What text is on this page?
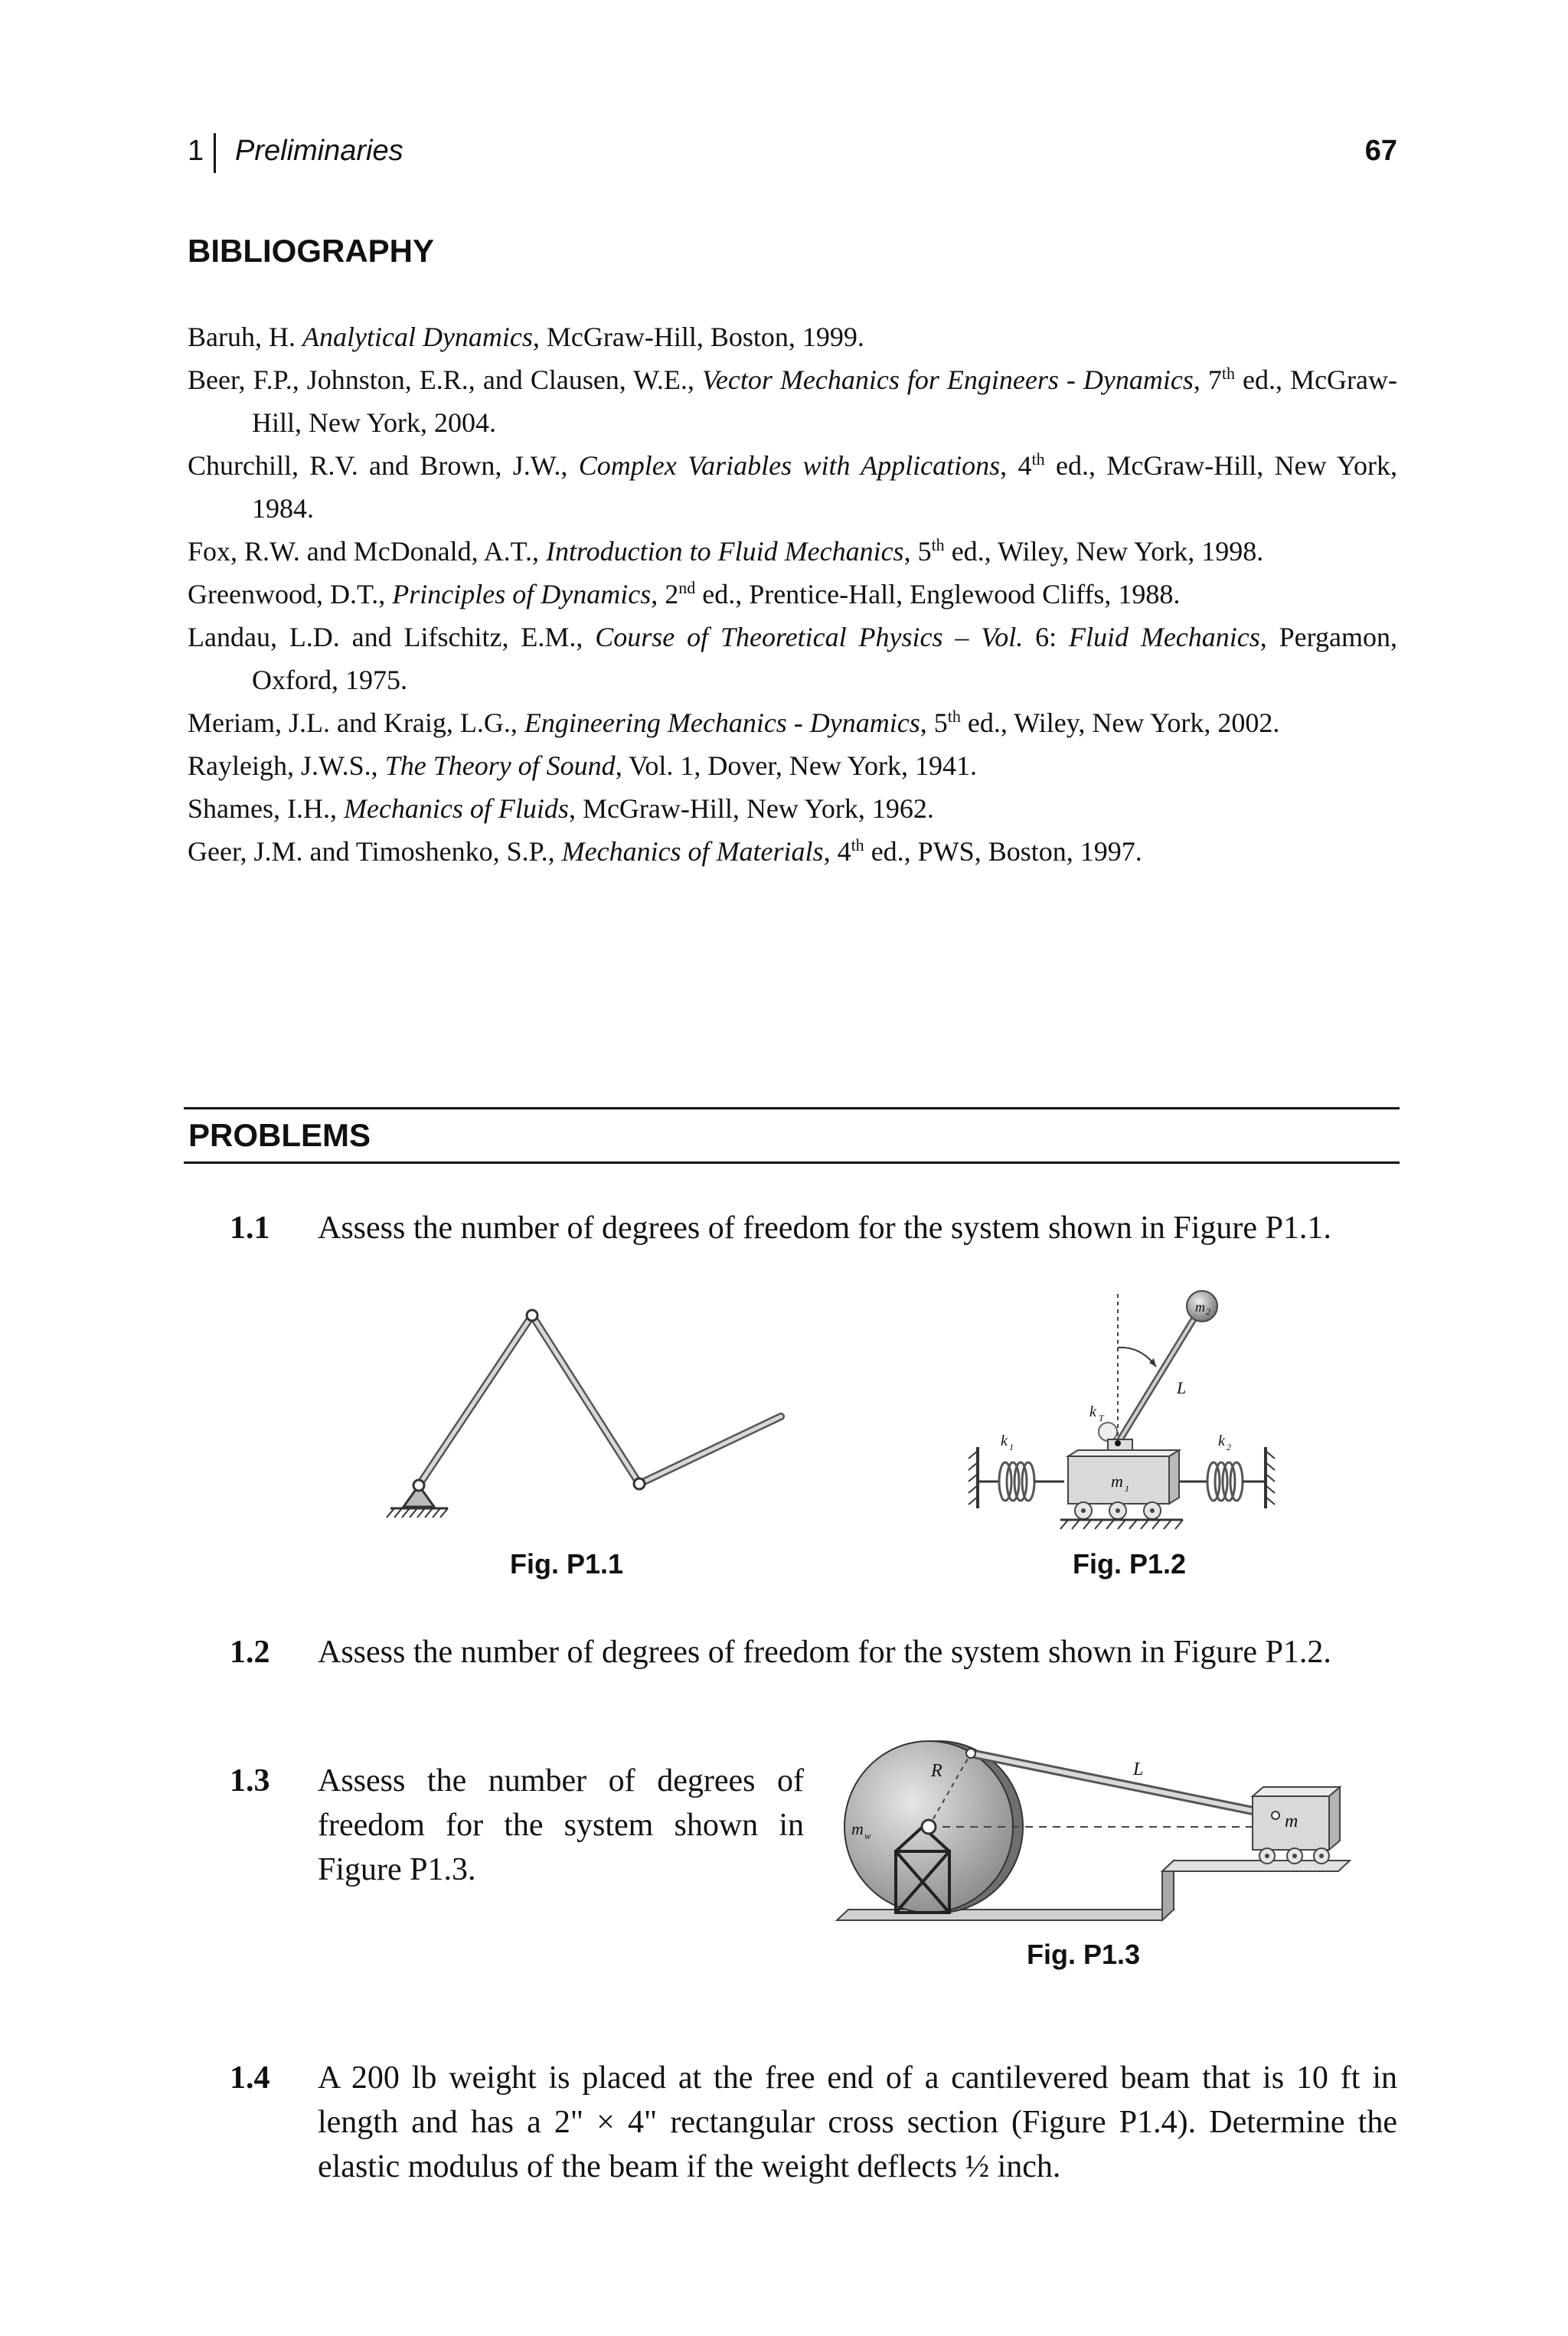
1 Preliminaries	67
BIBLIOGRAPHY

Baruh, H. Analytical Dynamics, McGraw-Hill, Boston, 1999.

Beer, F.P., Johnston, E.R., and Clausen, W.E., Vector Mechanics for Engineers - Dynamics, 7th ed., McGraw-Hill, New York, 2004.

Churchill, R.V. and Brown, J.W., Complex Variables with Applications, 4th ed., McGraw-Hill, New York, 1984.

Fox, R.W. and McDonald, A.T., Introduction to Fluid Mechanics, 5th ed., Wiley, New York, 1998.

Greenwood, D.T., Principles of Dynamics, 2nd ed., Prentice-Hall, Englewood Cliffs, 1988.

Landau, L.D. and Lifschitz, E.M., Course of Theoretical Physics – Vol. 6: Fluid Mechanics, Pergamon, Oxford, 1975.

Meriam, J.L. and Kraig, L.G., Engineering Mechanics - Dynamics, 5th ed., Wiley, New York, 2002.

Rayleigh, J.W.S., The Theory of Sound, Vol. 1, Dover, New York, 1941.

Shames, I.H., Mechanics of Fluids, McGraw-Hill, New York, 1962.

Geer, J.M. and Timoshenko, S.P., Mechanics of Materials, 4th ed., PWS, Boston, 1997.

PROBLEMS
1.1 Assess the number of degrees of freedom for the system shown in Figure P1.1.
Fig. P1.1
m 2
L
k T
k 1	k 2
m 1
Fig. P1.2
1.2 Assess the number of degrees of freedom for the system shown in Figure P1.2.
1.3 Assess the number of degrees of freedom for the system shown in Figure P1.3.
R
m w
L
m
Fig. P1.3
1.4 A 200 lb weight is placed at the free end of a cantilevered beam that is 10 ft in length and has a 2" × 4" rectangular cross section (Figure P1.4). Determine the elastic modulus of the beam if the weight deflects ½ inch.
